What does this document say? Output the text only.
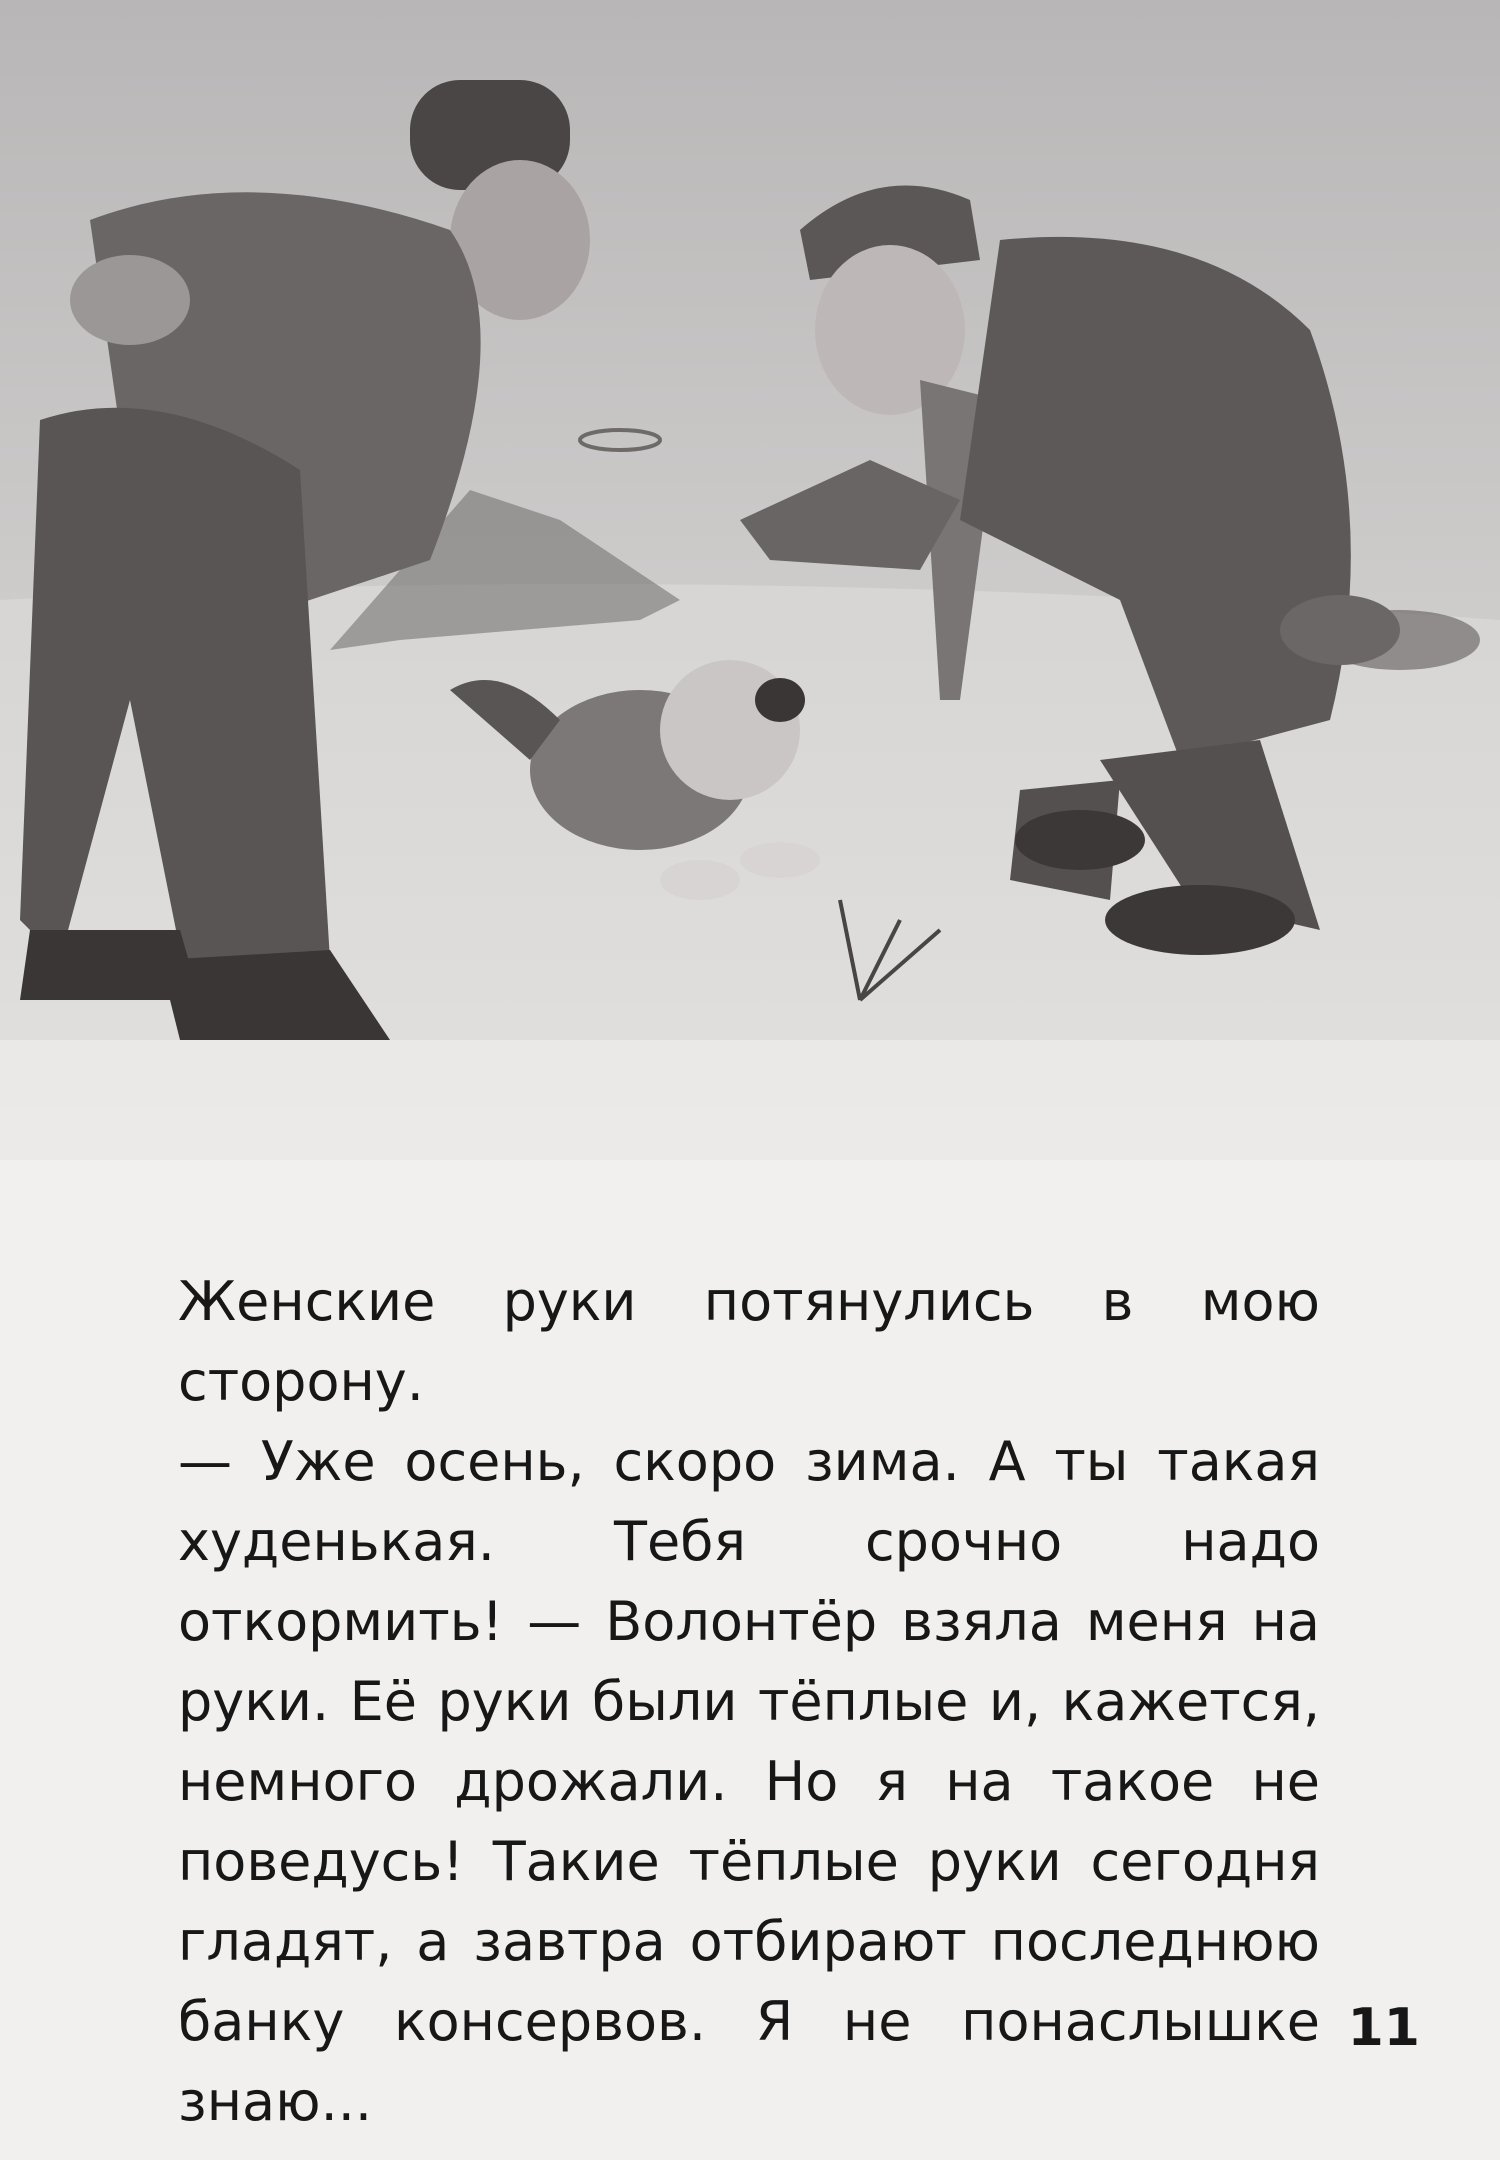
Женские руки потянулись в мою сторону.

— Уже осень, скоро зима. А ты такая худенькая. Тебя срочно надо откормить! — Волонтёр взяла меня на руки. Её руки были тёплые и, кажется, немного дрожали. Но я на такое не поведусь! Такие тёплые руки сегодня гладят, а завтра отбирают последнюю банку консервов. Я не понаслышке знаю...

11
